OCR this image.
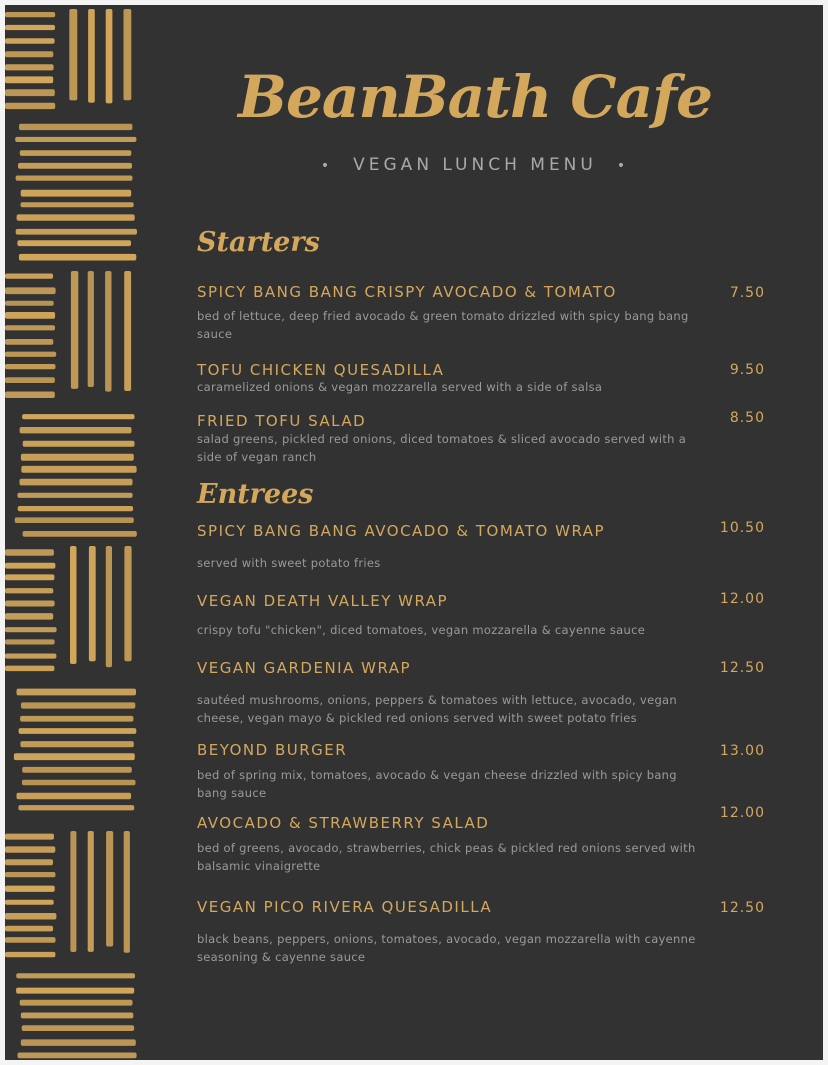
BeanBath Cafe
• VEGAN LUNCH MENU •
Starters
SPICY BANG BANG CRISPY AVOCADO & TOMATO	7.50
bed of lettuce, deep fried avocado & green tomato drizzled with spicy bang bang sauce
TOFU CHICKEN QUESADILLA	9.50
caramelized onions & vegan mozzarella served with a side of salsa
FRIED TOFU SALAD	8.50
salad greens, pickled red onions, diced tomatoes & sliced avocado served with a side of vegan ranch
Entrees
SPICY BANG BANG AVOCADO & TOMATO WRAP	10.50
served with sweet potato fries
VEGAN DEATH VALLEY WRAP	12.00
crispy tofu "chicken", diced tomatoes, vegan mozzarella & cayenne sauce
VEGAN GARDENIA WRAP	12.50
sautéed mushrooms, onions, peppers & tomatoes with lettuce, avocado, vegan cheese, vegan mayo & pickled red onions served with sweet potato fries
BEYOND BURGER	13.00
bed of spring mix, tomatoes, avocado & vegan cheese drizzled with spicy bang bang sauce
AVOCADO & STRAWBERRY SALAD
12.00
bed of greens, avocado, strawberries, chick peas & pickled red onions served with balsamic vinaigrette
VEGAN PICO RIVERA QUESADILLA	12.50
black beans, peppers, onions, tomatoes, avocado, vegan mozzarella with cayenne seasoning & cayenne sauce
